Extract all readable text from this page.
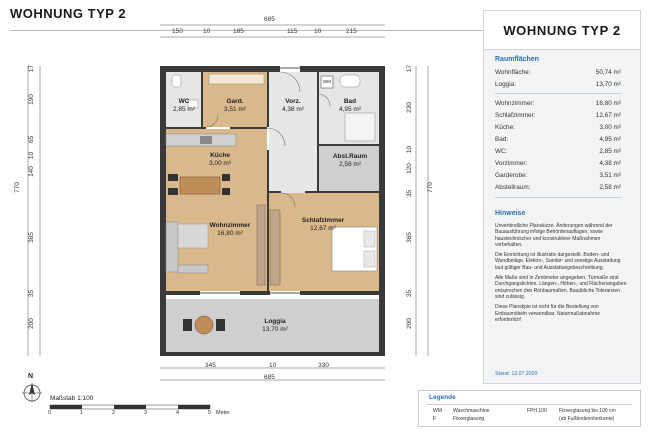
WOHNUNG TYP 2
WC
2,85 m²
Gard.
3,51 m²
Vorz.
4,38 m²
Bad
4,95 m²
Küche
3,00 m²
Abst.Raum
2,58 m²
Wohnzimmer
16,80 m²
Schlafzimmer
12,67 m²
Loggia
13,70 m²
WM
685
150	10	185	115	10	215
345	10	330
685
770
17
190
65
10
140
365
35
200
17
230
10
120
35
365
35
200
770
N
Maßstab 1:100
0	1	2	3	4	5 Meter
WOHNUNG TYP 2
Raumflächen
Wohnfläche:	50,74 m²
Loggia:	13,70 m²
Wohnzimmer:	16,80 m²
Schlafzimmer:	12,67 m²
Küche:	3,00 m²
Bad:	4,95 m²
WC:	2,85 m²
Vorzimmer:	4,38 m²
Garderobe:	3,51 m²
Abstellraum:	2,58 m²
Hinweise

Unverbindliche Planskizze. Änderungen während der Bauausführung infolge Behördenauflagen, sowie haustechnischer und konstruktiver Maßnahmen vorbehalten.

Die Einrichtung ist illustrativ dargestellt. Boden- und Wandbeläge, Elektro-, Sanitär- und sonstige Ausstattung laut gültiger Bau- und Ausstattungsbeschreibung.

Alle Maße sind in Zentimeter angegeben. Türmaße sind Durchgangslichten. Längen-, Höhen-, und Flächenangaben entsprechen den Rohbaumaßen. Bauübliche Toleranzen sind zulässig.

Diese Planskpie ist nicht für die Bestellung von Einbaumöbeln verwendbar. Naturmaßabnahme erforderlich!

Stand: 12.07.2020
Legende
WM Waschmaschine
F	Fixverglasung
FPH 100 Fixverglasung bis 100 cm
(ab Fußbodenoberkante)
